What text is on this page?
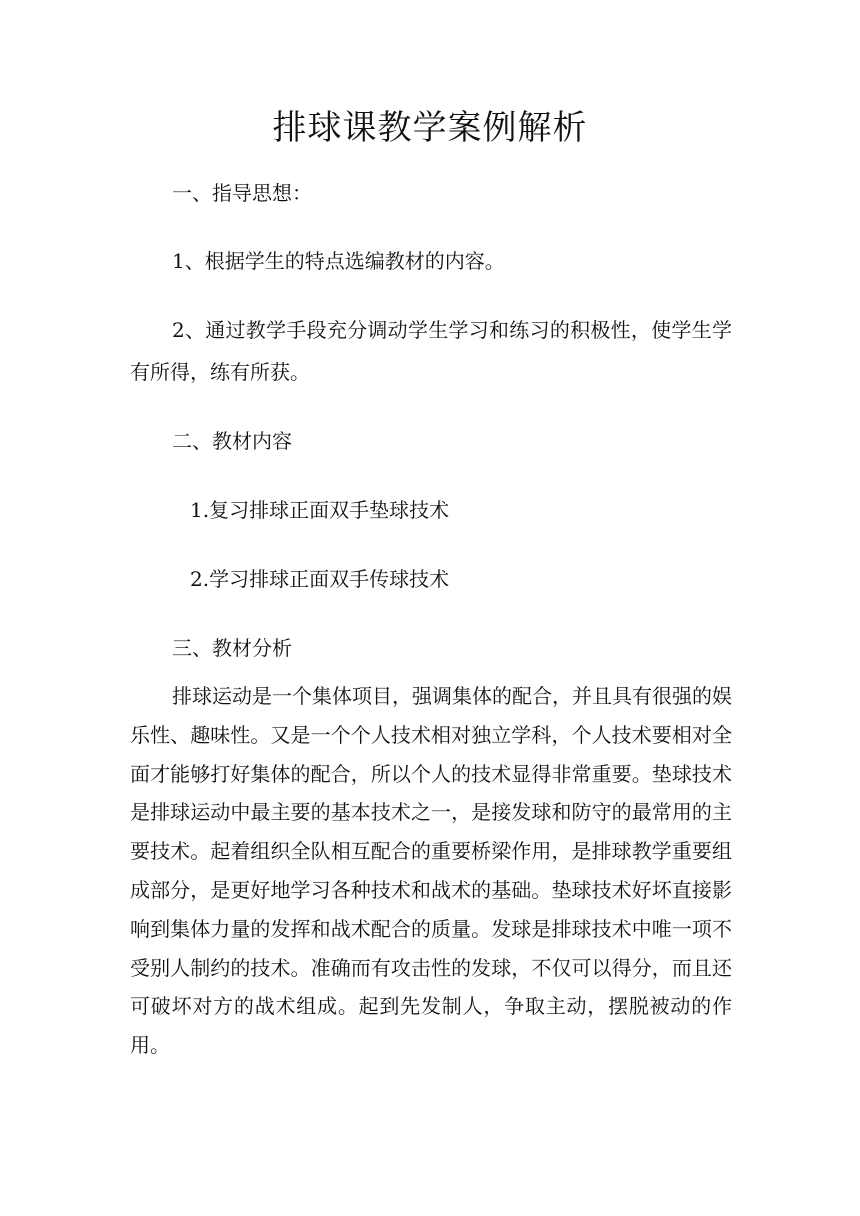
排球课教学案例解析

一、指导思想：

1、根据学生的特点选编教材的内容。

2、通过教学手段充分调动学生学习和练习的积极性，使学生学有所得，练有所获。

二、教材内容

1.复习排球正面双手垫球技术

2.学习排球正面双手传球技术

三、教材分析

排球运动是一个集体项目，强调集体的配合，并且具有很强的娱乐性、趣味性。又是一个个人技术相对独立学科，个人技术要相对全面才能够打好集体的配合，所以个人的技术显得非常重要。垫球技术是排球运动中最主要的基本技术之一，是接发球和防守的最常用的主要技术。起着组织全队相互配合的重要桥梁作用，是排球教学重要组成部分，是更好地学习各种技术和战术的基础。垫球技术好坏直接影响到集体力量的发挥和战术配合的质量。发球是排球技术中唯一项不受别人制约的技术。准确而有攻击性的发球，不仅可以得分，而且还可破坏对方的战术组成。起到先发制人，争取主动，摆脱被动的作用。
